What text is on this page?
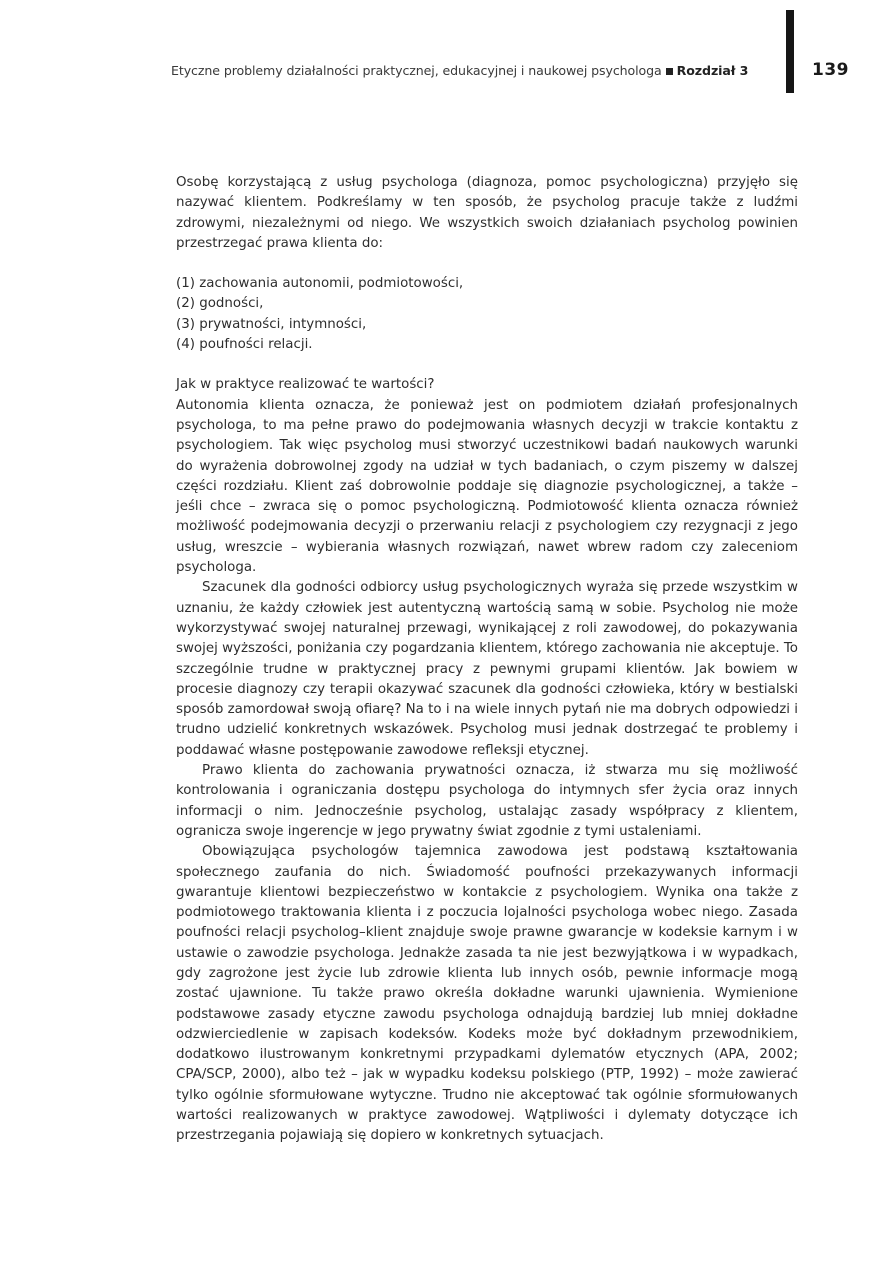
Etyczne problemy działalności praktycznej, edukacyjnej i naukowej psychologa Rozdział 3	139

Osobę korzystającą z usług psychologa (diagnoza, pomoc psychologiczna) przyjęło się nazywać klientem. Podkreślamy w ten sposób, że psycholog pracuje także z ludźmi zdrowymi, niezależnymi od niego. We wszystkich swoich działaniach psycholog powinien przestrzegać prawa klienta do:

(1) zachowania autonomii, podmiotowości,
(2) godności,
(3) prywatności, intymności,
(4) poufności relacji.

Jak w praktyce realizować te wartości?

Autonomia klienta oznacza, że ponieważ jest on podmiotem działań profesjonalnych psychologa, to ma pełne prawo do podejmowania własnych decyzji w trakcie kontaktu z psychologiem. Tak więc psycholog musi stworzyć uczestnikowi badań naukowych warunki do wyrażenia dobrowolnej zgody na udział w tych badaniach, o czym piszemy w dalszej części rozdziału. Klient zaś dobrowolnie poddaje się diagnozie psychologicznej, a także – jeśli chce – zwraca się o pomoc psychologiczną. Podmiotowość klienta oznacza również możliwość podejmowania decyzji o przerwaniu relacji z psychologiem czy rezygnacji z jego usług, wreszcie – wybierania własnych rozwiązań, nawet wbrew radom czy zaleceniom psychologa.

Szacunek dla godności odbiorcy usług psychologicznych wyraża się przede wszystkim w uznaniu, że każdy człowiek jest autentyczną wartością samą w sobie. Psycholog nie może wykorzystywać swojej naturalnej przewagi, wynikającej z roli zawodowej, do pokazywania swojej wyższości, poniżania czy pogardzania klientem, którego zachowania nie akceptuje. To szczególnie trudne w praktycznej pracy z pewnymi grupami klientów. Jak bowiem w procesie diagnozy czy terapii okazywać szacunek dla godności człowieka, który w bestialski sposób zamordował swoją ofiarę? Na to i na wiele innych pytań nie ma dobrych odpowiedzi i trudno udzielić konkretnych wskazówek. Psycholog musi jednak dostrzegać te problemy i poddawać własne postępowanie zawodowe refleksji etycznej.

Prawo klienta do zachowania prywatności oznacza, iż stwarza mu się możliwość kontrolowania i ograniczania dostępu psychologa do intymnych sfer życia oraz innych informacji o nim. Jednocześnie psycholog, ustalając zasady współpracy z klientem, ogranicza swoje ingerencje w jego prywatny świat zgodnie z tymi ustaleniami.

Obowiązująca psychologów tajemnica zawodowa jest podstawą kształtowania społecznego zaufania do nich. Świadomość poufności przekazywanych informacji gwarantuje klientowi bezpieczeństwo w kontakcie z psychologiem. Wynika ona także z podmiotowego traktowania klienta i z poczucia lojalności psychologa wobec niego. Zasada poufności relacji psycholog–klient znajduje swoje prawne gwarancje w kodeksie karnym i w ustawie o zawodzie psychologa. Jednakże zasada ta nie jest bezwyjątkowa i w wypadkach, gdy zagrożone jest życie lub zdrowie klienta lub innych osób, pewnie informacje mogą zostać ujawnione. Tu także prawo określa dokładne warunki ujawnienia. Wymienione podstawowe zasady etyczne zawodu psychologa odnajdują bardziej lub mniej dokładne odzwierciedlenie w zapisach kodeksów. Kodeks może być dokładnym przewodnikiem, dodatkowo ilustrowanym konkretnymi przypadkami dylematów etycznych (APA, 2002; CPA/SCP, 2000), albo też – jak w wypadku kodeksu polskiego (PTP, 1992) – może zawierać tylko ogólnie sformułowane wytyczne. Trudno nie akceptować tak ogólnie sformułowanych wartości realizowanych w praktyce zawodowej. Wątpliwości i dylematy dotyczące ich przestrzegania pojawiają się dopiero w konkretnych sytuacjach.
